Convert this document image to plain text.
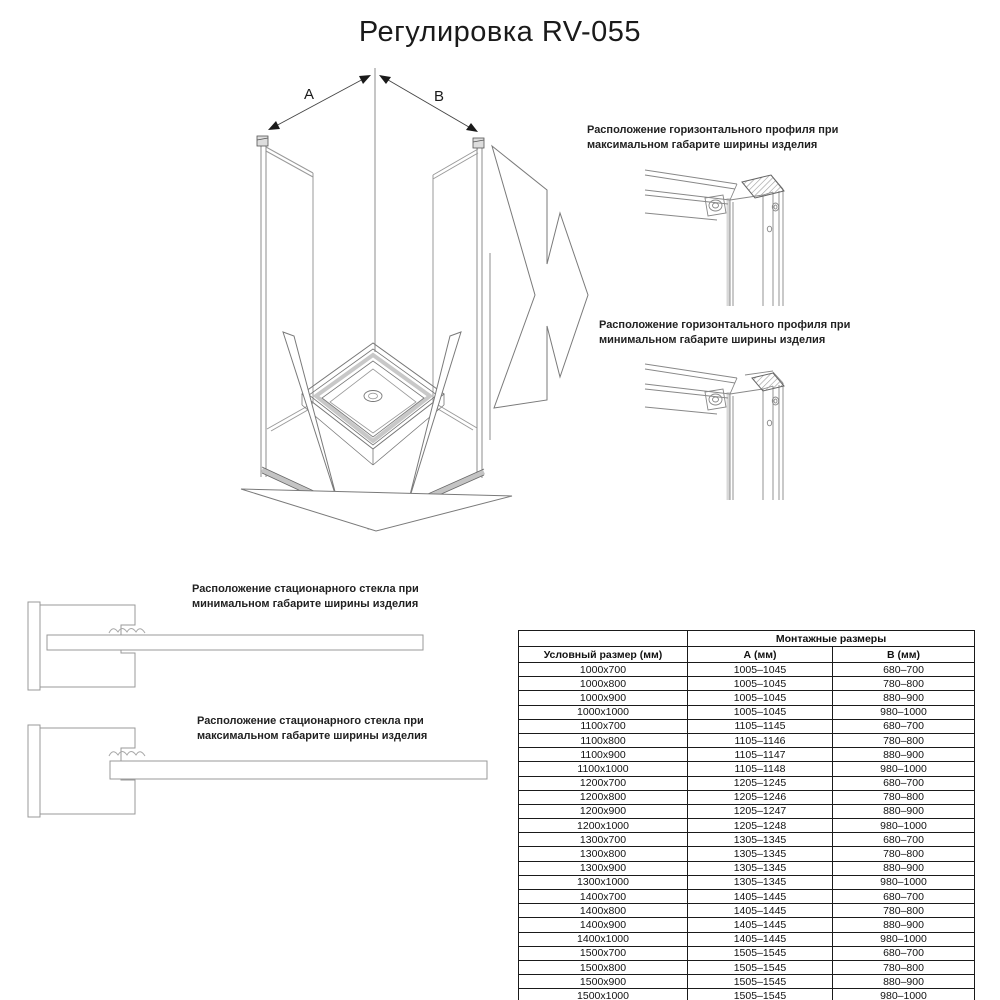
Регулировка RV-055
A	B
Расположение горизонтального профиля при
максимальном габарите ширины изделия
Расположение горизонтального профиля при
минимальном габарите ширины изделия
Расположение стационарного стекла при
минимальном габарите ширины изделия
Расположение стационарного стекла при
максимальном габарите ширины изделия
	Монтажные размеры	
Условный размер (мм)	А (мм)	В (мм)
1000x700	1005–1045	680–700
1000x800	1005–1045	780–800
1000x900	1005–1045	880–900
1000x1000	1005–1045	980–1000
1100x700	1105–1145	680–700
1100x800	1105–1146	780–800
1100x900	1105–1147	880–900
1100x1000	1105–1148	980–1000
1200x700	1205–1245	680–700
1200x800	1205–1246	780–800
1200x900	1205–1247	880–900
1200x1000	1205–1248	980–1000
1300x700	1305–1345	680–700
1300x800	1305–1345	780–800
1300x900	1305–1345	880–900
1300x1000	1305–1345	980–1000
1400x700	1405–1445	680–700
1400x800	1405–1445	780–800
1400x900	1405–1445	880–900
1400x1000	1405–1445	980–1000
1500x700	1505–1545	680–700
1500x800	1505–1545	780–800
1500x900	1505–1545	880–900
1500x1000	1505–1545	980–1000
